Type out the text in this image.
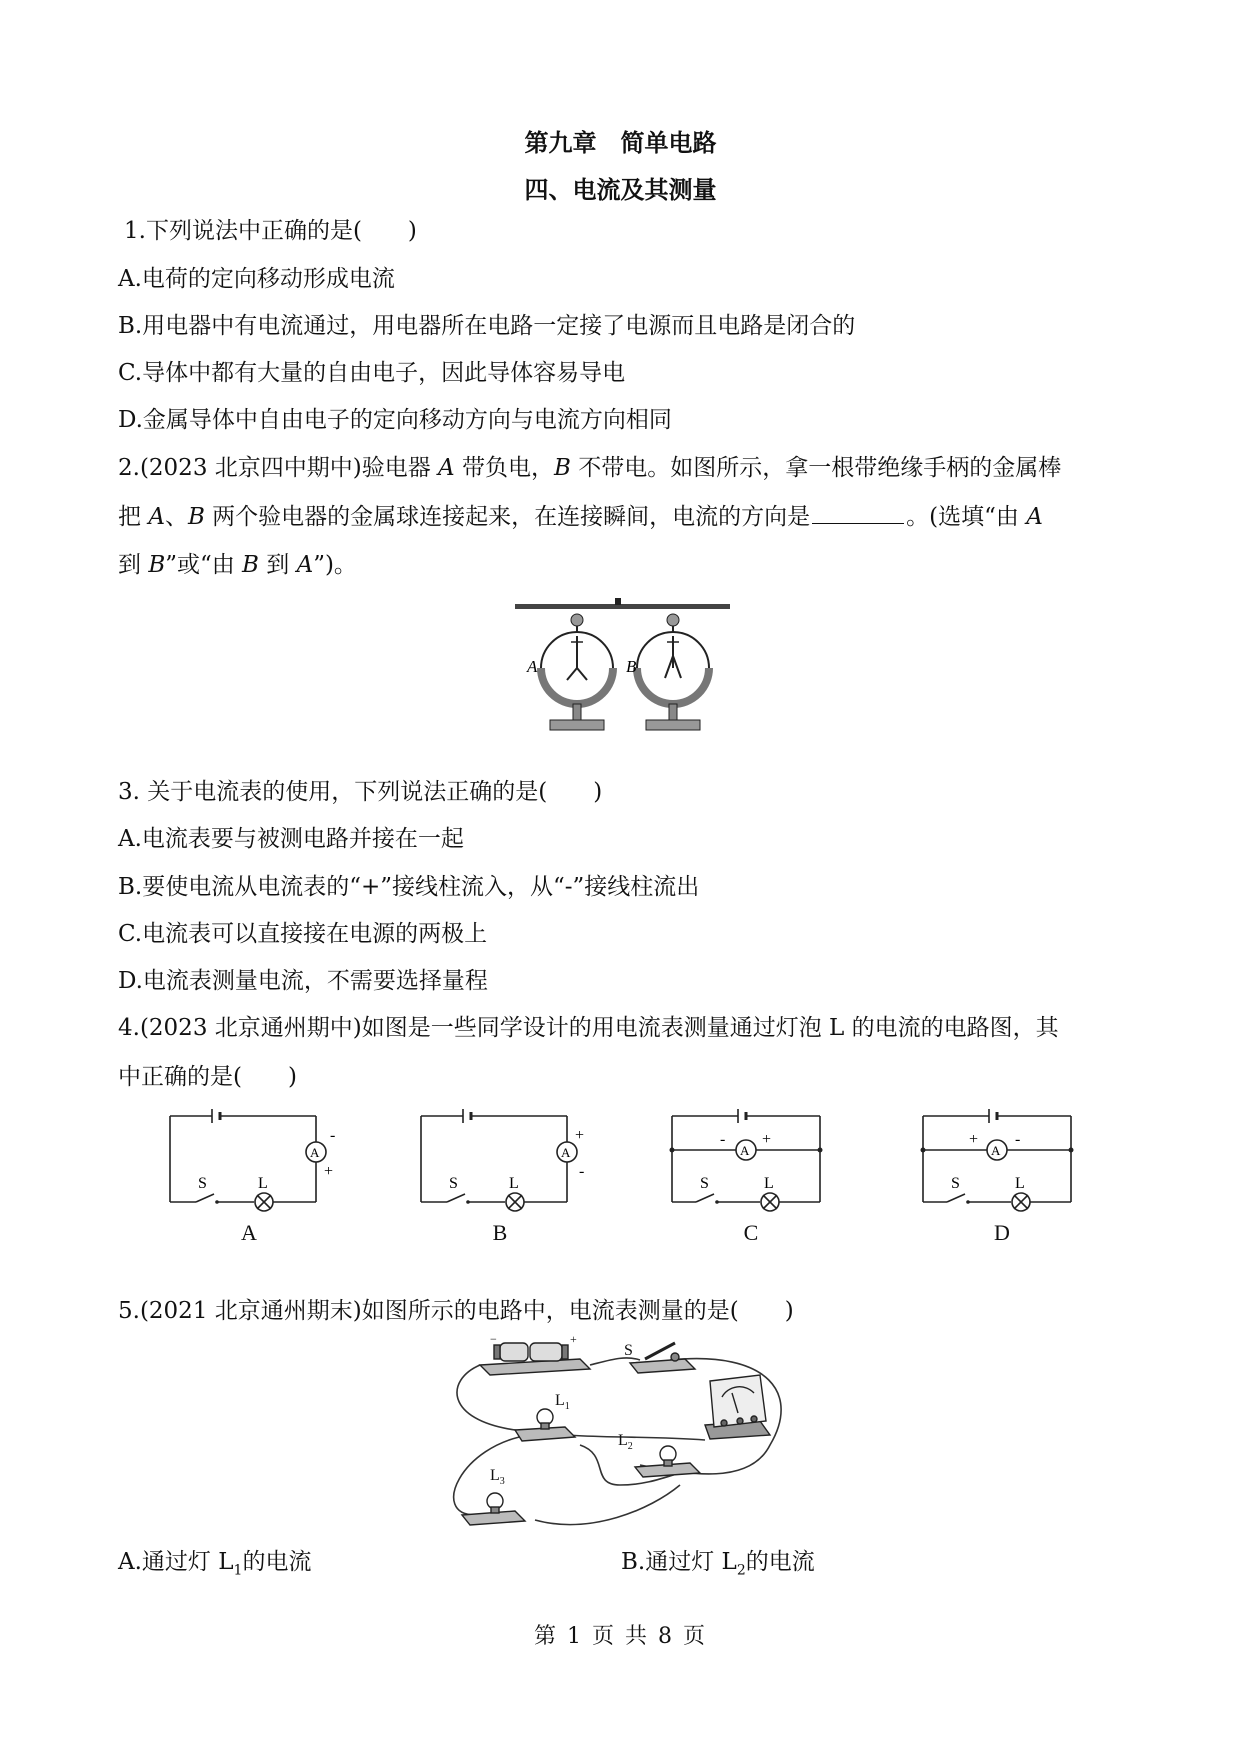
第九章　简单电路
四、电流及其测量
1.下列说法中正确的是(　　)
A.电荷的定向移动形成电流
B.用电器中有电流通过，用电器所在电路一定接了电源而且电路是闭合的
C.导体中都有大量的自由电子，因此导体容易导电
D.金属导体中自由电子的定向移动方向与电流方向相同
2.(2023 北京四中期中)验电器 A 带负电，B 不带电。如图所示，拿一根带绝缘手柄的金属棒
把 A、B 两个验电器的金属球连接起来，在连接瞬间，电流的方向是	。(选填“由 A
到 B”或“由 B 到 A”)。
A	B
3. 关于电流表的使用，下列说法正确的是(　　)
A.电流表要与被测电路并接在一起
B.要使电流从电流表的“+”接线柱流入，从“-”接线柱流出
C.电流表可以直接接在电源的两极上
D.电流表测量电流，不需要选择量程
4.(2023 北京通州期中)如图是一些同学设计的用电流表测量通过灯泡 L 的电流的电路图，其
中正确的是(　　)
A
-
+
S	L
A
A
+
-
S	L
B
A
- +
S	L
C
A
+ -
S	L
D
5.(2021 北京通州期末)如图所示的电路中，电流表测量的是(　　)
−	+
S
$L_1$
$L_2$
$L_3$
A.通过灯 $L_1$的电流	B.通过灯 $L_2$的电流
第 1 页 共 8 页
